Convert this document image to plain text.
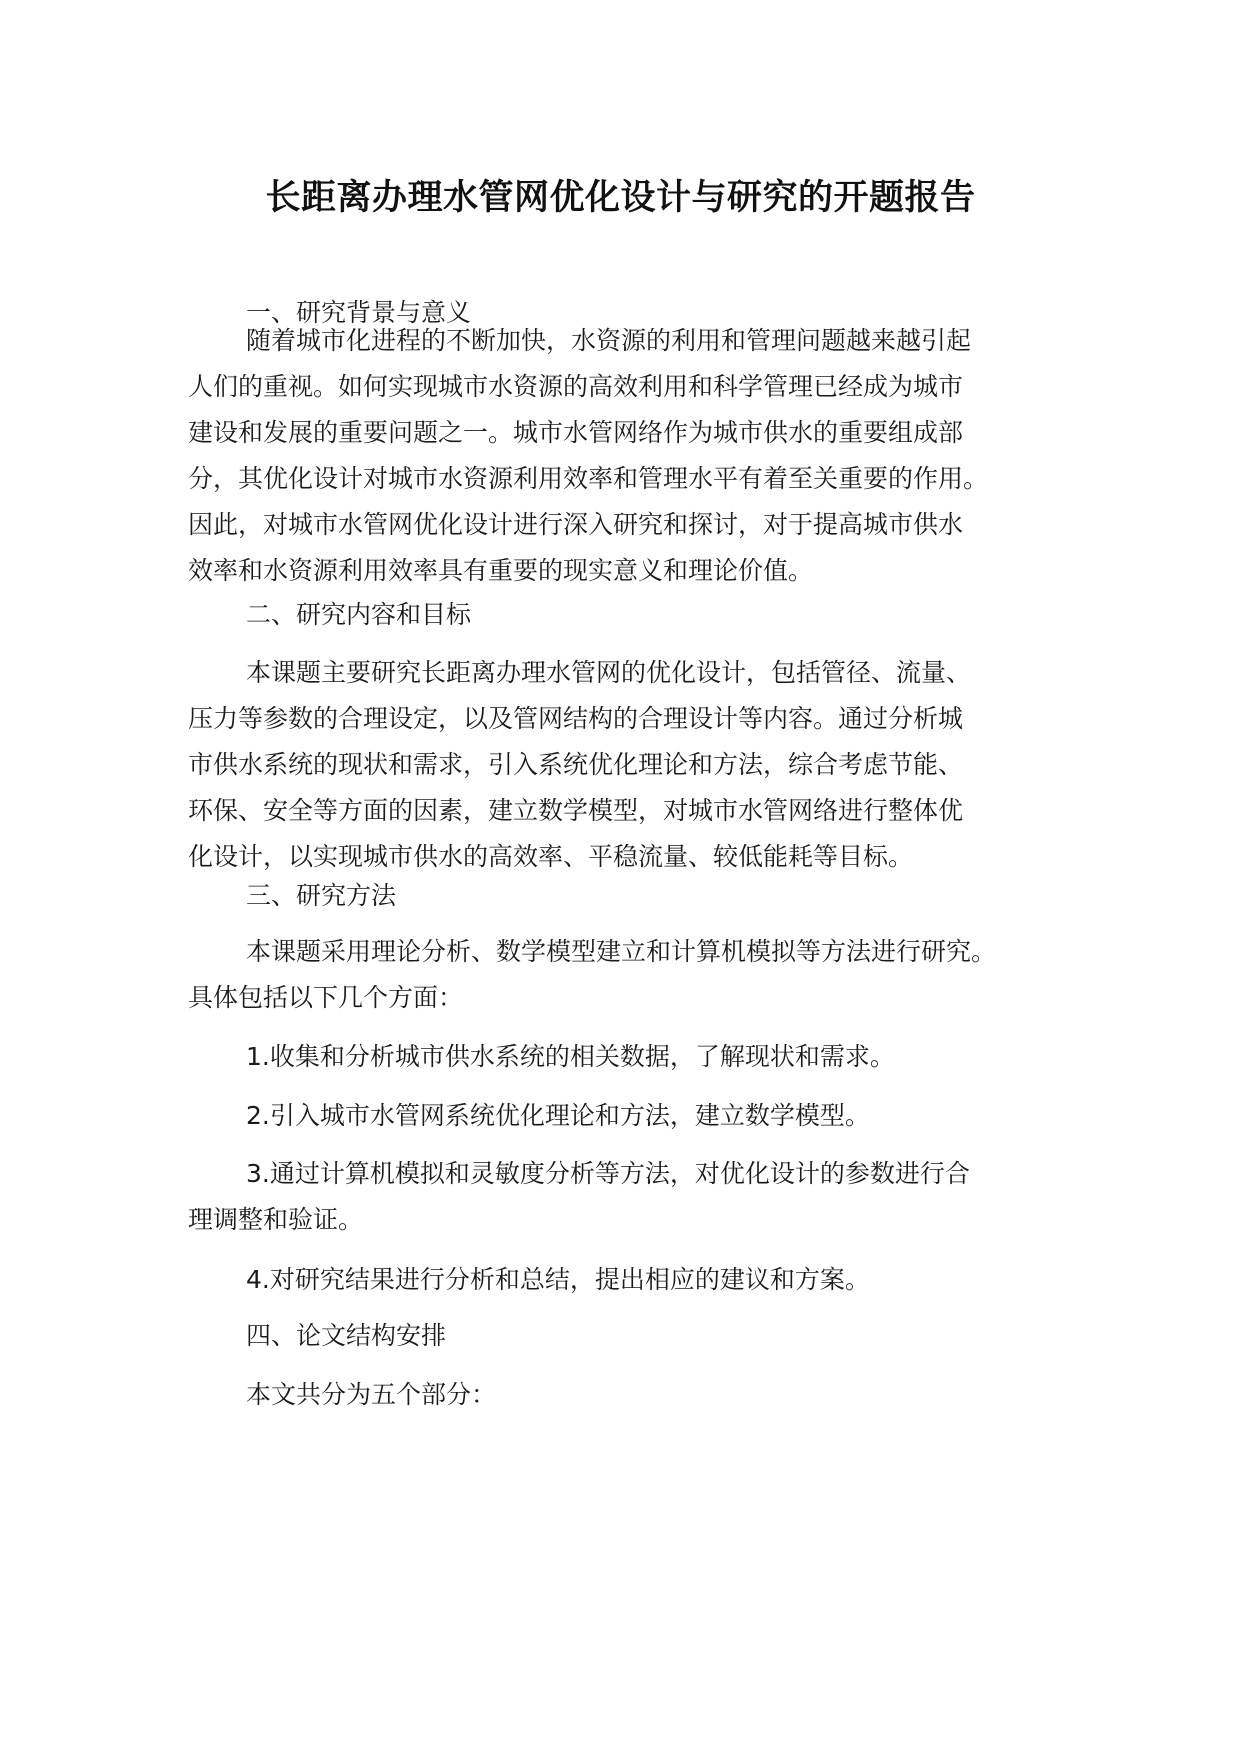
长距离办理水管网优化设计与研究的开题报告
一、研究背景与意义
随着城市化进程的不断加快，水资源的利用和管理问题越来越引起
人们的重视。如何实现城市水资源的高效利用和科学管理已经成为城市
建设和发展的重要问题之一。城市水管网络作为城市供水的重要组成部
分，其优化设计对城市水资源利用效率和管理水平有着至关重要的作用。
因此，对城市水管网优化设计进行深入研究和探讨，对于提高城市供水
效率和水资源利用效率具有重要的现实意义和理论价值。
二、研究内容和目标
本课题主要研究长距离办理水管网的优化设计，包括管径、流量、
压力等参数的合理设定，以及管网结构的合理设计等内容。通过分析城
市供水系统的现状和需求，引入系统优化理论和方法，综合考虑节能、
环保、安全等方面的因素，建立数学模型，对城市水管网络进行整体优
化设计，以实现城市供水的高效率、平稳流量、较低能耗等目标。
三、研究方法
本课题采用理论分析、数学模型建立和计算机模拟等方法进行研究。
具体包括以下几个方面：
1.收集和分析城市供水系统的相关数据，了解现状和需求。
2.引入城市水管网系统优化理论和方法，建立数学模型。
3.通过计算机模拟和灵敏度分析等方法，对优化设计的参数进行合
理调整和验证。
4.对研究结果进行分析和总结，提出相应的建议和方案。
四、论文结构安排
本文共分为五个部分：
